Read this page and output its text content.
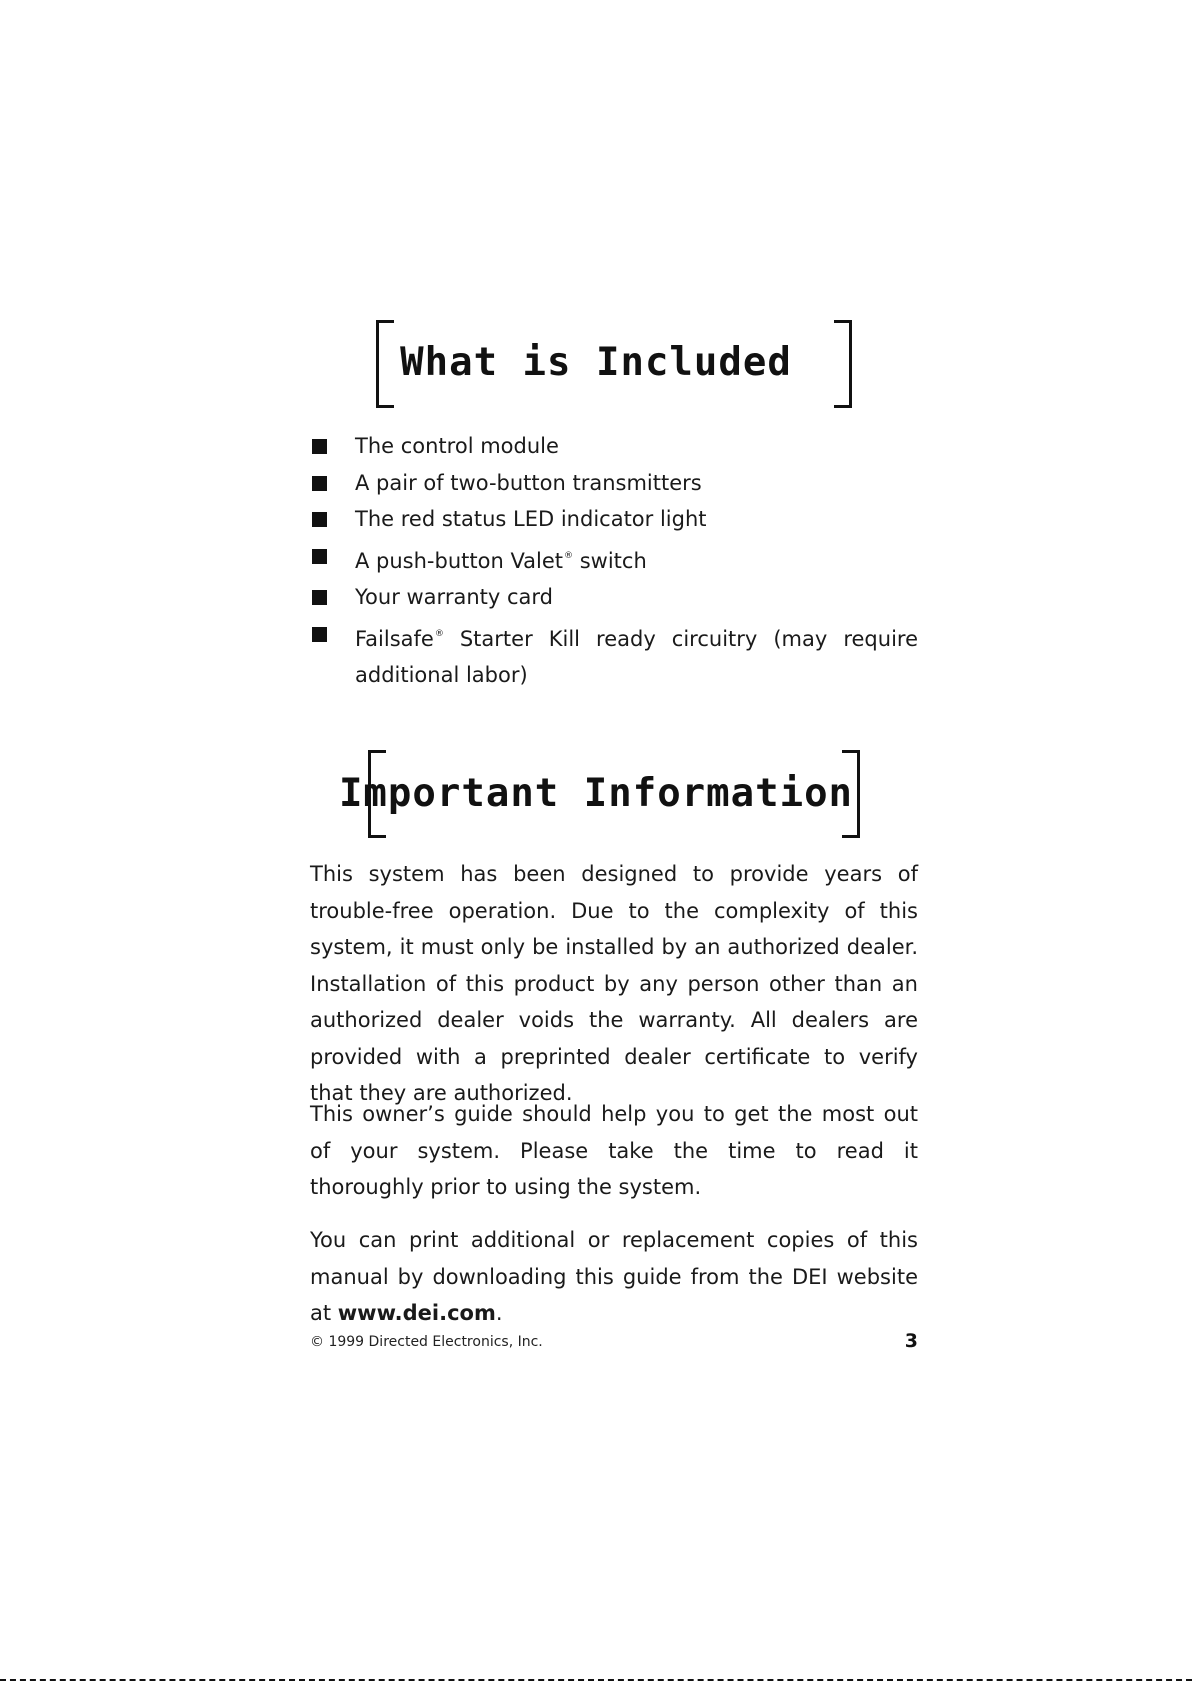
What is Included
The control module
A pair of two-button transmitters
The red status LED indicator light
A push-button Valet® switch
Your warranty card
Failsafe® Starter Kill ready circuitry (may require additional labor)
Important Information
This system has been designed to provide years of trouble-free operation. Due to the complexity of this system, it must only be installed by an authorized dealer. Installation of this product by any person other than an authorized dealer voids the warranty. All dealers are provided with a preprinted dealer certificate to verify that they are authorized.
This owner’s guide should help you to get the most out of your system. Please take the time to read it thoroughly prior to using the system.
You can print additional or replacement copies of this manual by downloading this guide from the DEI website at www.dei.com.
© 1999 Directed Electronics, Inc.	3
